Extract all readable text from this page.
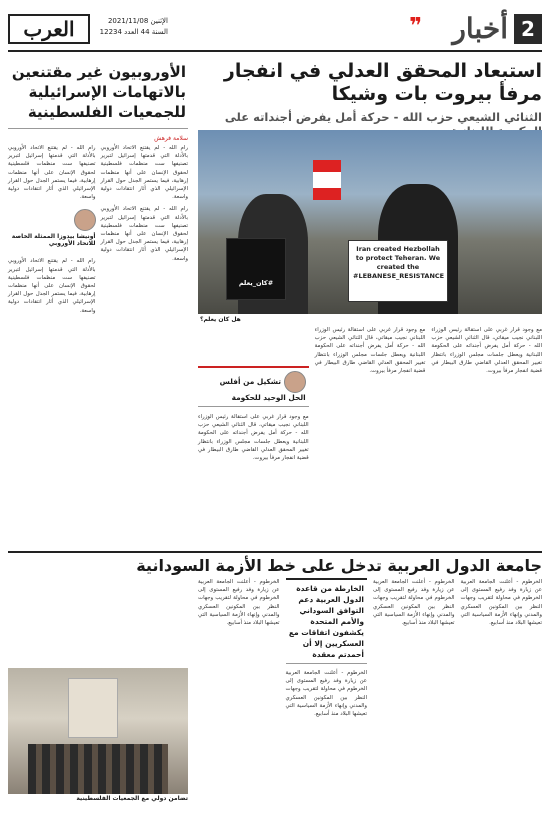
2
أخبار
❞
العرب	الإثنين 2021/11/08
السنة 44 العدد 12234
استبعاد المحقق العدلي في انفجار
مرفأ بيروت بات وشيكا
الثنائي الشيعي حزب الله - حركة أمل يفرض أجنداته على
#كان_يعلم
Iran created Hezbollah to protect Teheran. We created the #LEBANESE_RESISTANCE
هل كان يعلم؟
مع وجود قرار غربي على استقالة رئيس الوزراء اللبناني نجيب ميقاتي، قال الثنائي الشيعي حزب الله - حركة أمل يفرض أجنداته على الحكومة اللبنانية ويعطل جلسات مجلس الوزراء بانتظار تغيير المحقق العدلي القاضي طارق البيطار في قضية انفجار مرفأ بيروت.
مع وجود قرار غربي على استقالة رئيس الوزراء اللبناني نجيب ميقاتي، قال الثنائي الشيعي حزب الله - حركة أمل يفرض أجنداته على الحكومة اللبنانية ويعطل جلسات مجلس الوزراء بانتظار تغيير المحقق العدلي القاضي طارق البيطار في قضية انفجار مرفأ بيروت.
تشكيل من أفلس الحل الوحيد للحكومة
مع وجود قرار غربي على استقالة رئيس الوزراء اللبناني نجيب ميقاتي، قال الثنائي الشيعي حزب الله - حركة أمل يفرض أجنداته على الحكومة اللبنانية ويعطل جلسات مجلس الوزراء بانتظار تغيير المحقق العدلي القاضي طارق البيطار في قضية انفجار مرفأ بيروت.
الأوروبيون غير مقتنعين بالاتهامات الإسرائيلية للجمعيات الفلسطينية
سلامة فرهش
رام الله - لم يقتنع الاتحاد الأوروبي بالأدلة التي قدمتها إسرائيل لتبرير تصنيفها ست منظمات فلسطينية لحقوق الإنسان على أنها منظمات إرهابية، فيما يستمر الجدل حول القرار الإسرائيلي الذي أثار انتقادات دولية واسعة.
رام الله - لم يقتنع الاتحاد الأوروبي بالأدلة التي قدمتها إسرائيل لتبرير تصنيفها ست منظمات فلسطينية لحقوق الإنسان على أنها منظمات إرهابية، فيما يستمر الجدل حول القرار الإسرائيلي الذي أثار انتقادات دولية واسعة.
رام الله - لم يقتنع الاتحاد الأوروبي بالأدلة التي قدمتها إسرائيل لتبرير تصنيفها ست منظمات فلسطينية لحقوق الإنسان على أنها منظمات إرهابية، فيما يستمر الجدل حول القرار الإسرائيلي الذي أثار انتقادات دولية واسعة.
أونيشا بيدوزا الممثلة الخاصة للاتحاد الأوروبي
رام الله - لم يقتنع الاتحاد الأوروبي بالأدلة التي قدمتها إسرائيل لتبرير تصنيفها ست منظمات فلسطينية لحقوق الإنسان على أنها منظمات إرهابية، فيما يستمر الجدل حول القرار الإسرائيلي الذي أثار انتقادات دولية واسعة.
جامعة الدول العربية تدخل على خط الأزمة السودانية
الخرطوم - أعلنت الجامعة العربية عن زيارة وفد رفيع المستوى إلى الخرطوم في محاولة لتقريب وجهات النظر بين المكونين العسكري والمدني وإنهاء الأزمة السياسية التي تعيشها البلاد منذ أسابيع.
الخرطوم - أعلنت الجامعة العربية عن زيارة وفد رفيع المستوى إلى الخرطوم في محاولة لتقريب وجهات النظر بين المكونين العسكري والمدني وإنهاء الأزمة السياسية التي تعيشها البلاد منذ أسابيع.
الخارطة من قاعدة الدول العربية دعم التوافق السوداني والأمم المتحدة يكشفون اتفاقات مع العسكريين إلا أن أحمدتم معقدة
الخرطوم - أعلنت الجامعة العربية عن زيارة وفد رفيع المستوى إلى الخرطوم في محاولة لتقريب وجهات النظر بين المكونين العسكري والمدني وإنهاء الأزمة السياسية التي تعيشها البلاد منذ أسابيع.
الخرطوم - أعلنت الجامعة العربية عن زيارة وفد رفيع المستوى إلى الخرطوم في محاولة لتقريب وجهات النظر بين المكونين العسكري والمدني وإنهاء الأزمة السياسية التي تعيشها البلاد منذ أسابيع.
تضامن دولي مع الجمعيات الفلسطينية
